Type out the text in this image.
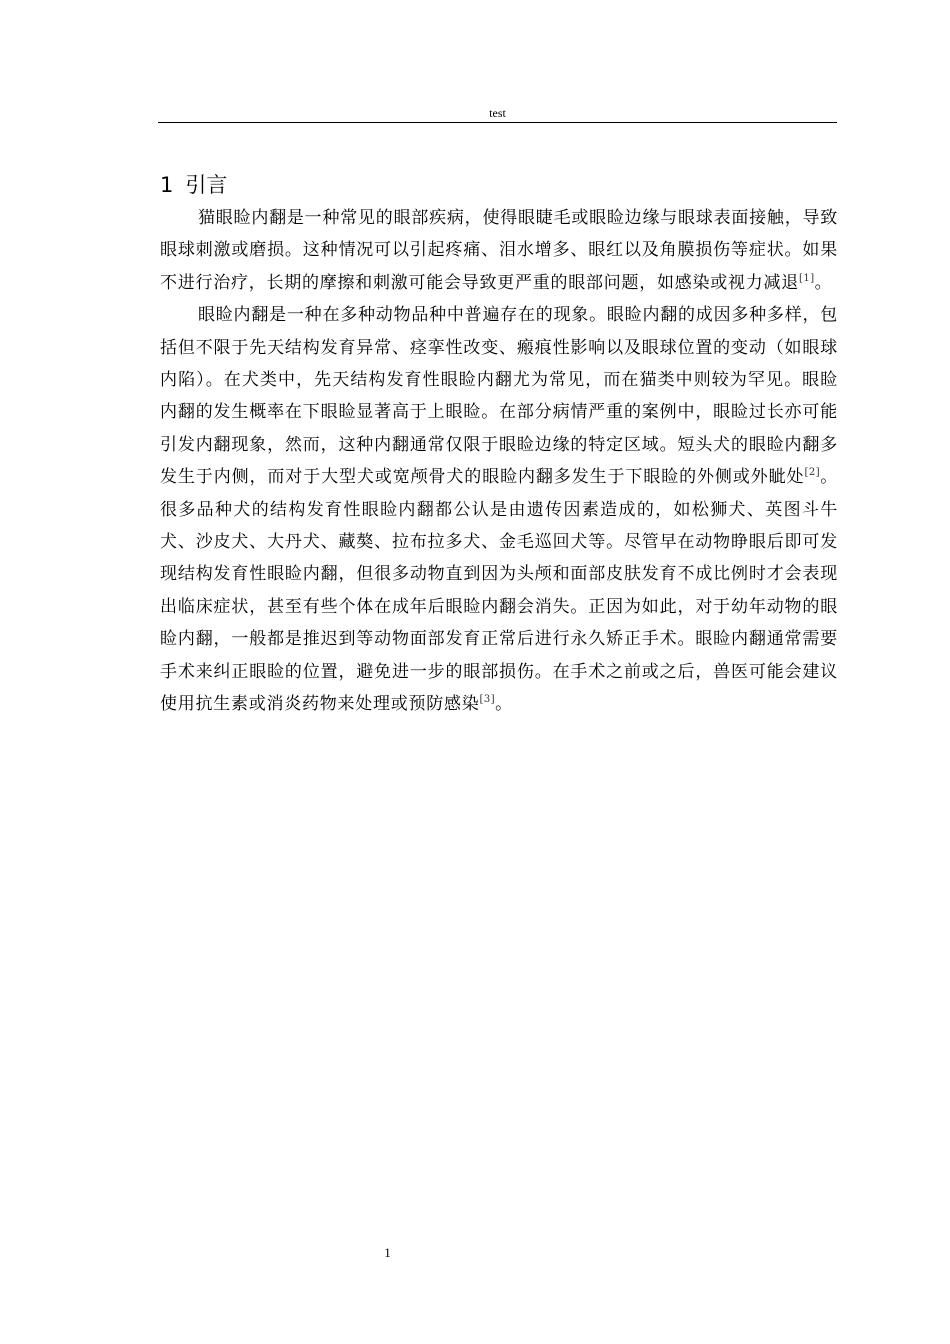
test
1 引言

猫眼睑内翻是一种常见的眼部疾病，使得眼睫毛或眼睑边缘与眼球表面接触，导致眼球刺激或磨损。这种情况可以引起疼痛、泪水增多、眼红以及角膜损伤等症状。如果不进行治疗，长期的摩擦和刺激可能会导致更严重的眼部问题，如感染或视力减退[1]。

眼睑内翻是一种在多种动物品种中普遍存在的现象。眼睑内翻的成因多种多样，包括但不限于先天结构发育异常、痉挛性改变、瘢痕性影响以及眼球位置的变动（如眼球内陷）。在犬类中，先天结构发育性眼睑内翻尤为常见，而在猫类中则较为罕见。眼睑内翻的发生概率在下眼睑显著高于上眼睑。在部分病情严重的案例中，眼睑过长亦可能引发内翻现象，然而，这种内翻通常仅限于眼睑边缘的特定区域。短头犬的眼睑内翻多发生于内侧，而对于大型犬或宽颅骨犬的眼睑内翻多发生于下眼睑的外侧或外眦处[2]。很多品种犬的结构发育性眼睑内翻都公认是由遗传因素造成的，如松狮犬、英图斗牛犬、沙皮犬、大丹犬、藏獒、拉布拉多犬、金毛巡回犬等。尽管早在动物睁眼后即可发现结构发育性眼睑内翻，但很多动物直到因为头颅和面部皮肤发育不成比例时才会表现出临床症状，甚至有些个体在成年后眼睑内翻会消失。正因为如此，对于幼年动物的眼睑内翻，一般都是推迟到等动物面部发育正常后进行永久矫正手术。眼睑内翻通常需要手术来纠正眼睑的位置，避免进一步的眼部损伤。在手术之前或之后，兽医可能会建议使用抗生素或消炎药物来处理或预防感染[3]。

1
